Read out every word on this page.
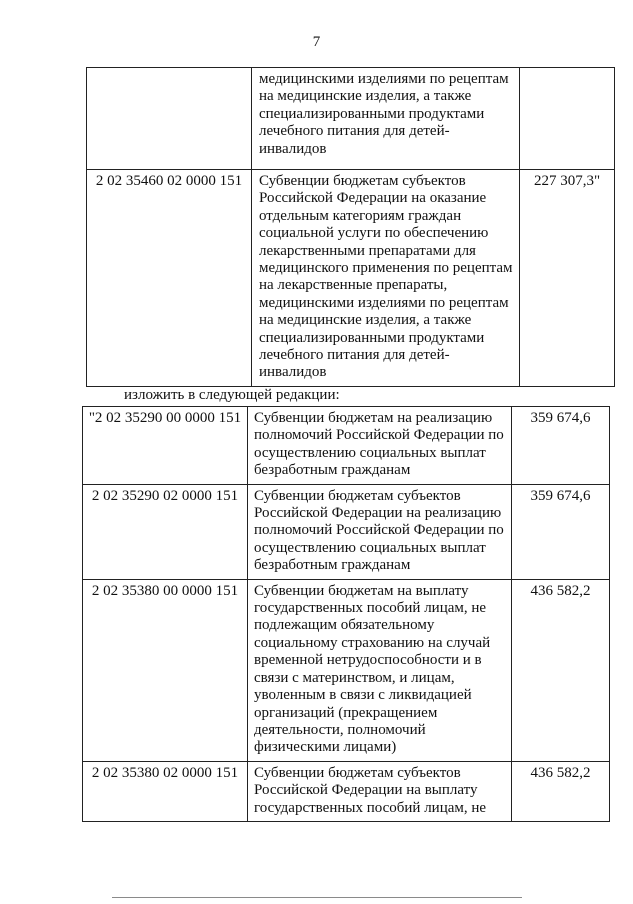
7
	медицинскими изделиями по рецептам на медицинские изделия, а также специализированными продуктами лечебного питания для детей-инвалидов	
2 02 35460 02 0000 151	Субвенции бюджетам субъектов Российской Федерации на оказание отдельным категориям граждан социальной услуги по обеспечению лекарственными препаратами для медицинского применения по рецептам на лекарственные препараты, медицинскими изделиями по рецептам на медицинские изделия, а также специализированными продуктами лечебного питания для детей-инвалидов	227 307,3"
изложить в следующей редакции:
"2 02 35290 00 0000 151	Субвенции бюджетам на реализацию полномочий Российской Федерации по осуществлению социальных выплат безработным гражданам	359 674,6
2 02 35290 02 0000 151	Субвенции бюджетам субъектов Российской Федерации на реализацию полномочий Российской Федерации по осуществлению социальных выплат безработным гражданам	359 674,6
2 02 35380 00 0000 151	Субвенции бюджетам на выплату государственных пособий лицам, не подлежащим обязательному социальному страхованию на случай временной нетрудоспособности и в связи с материнством, и лицам, уволенным в связи с ликвидацией организаций (прекращением деятельности, полномочий физическими лицами)	436 582,2
2 02 35380 02 0000 151	Субвенции бюджетам субъектов Российской Федерации на выплату государственных пособий лицам, не	436 582,2
